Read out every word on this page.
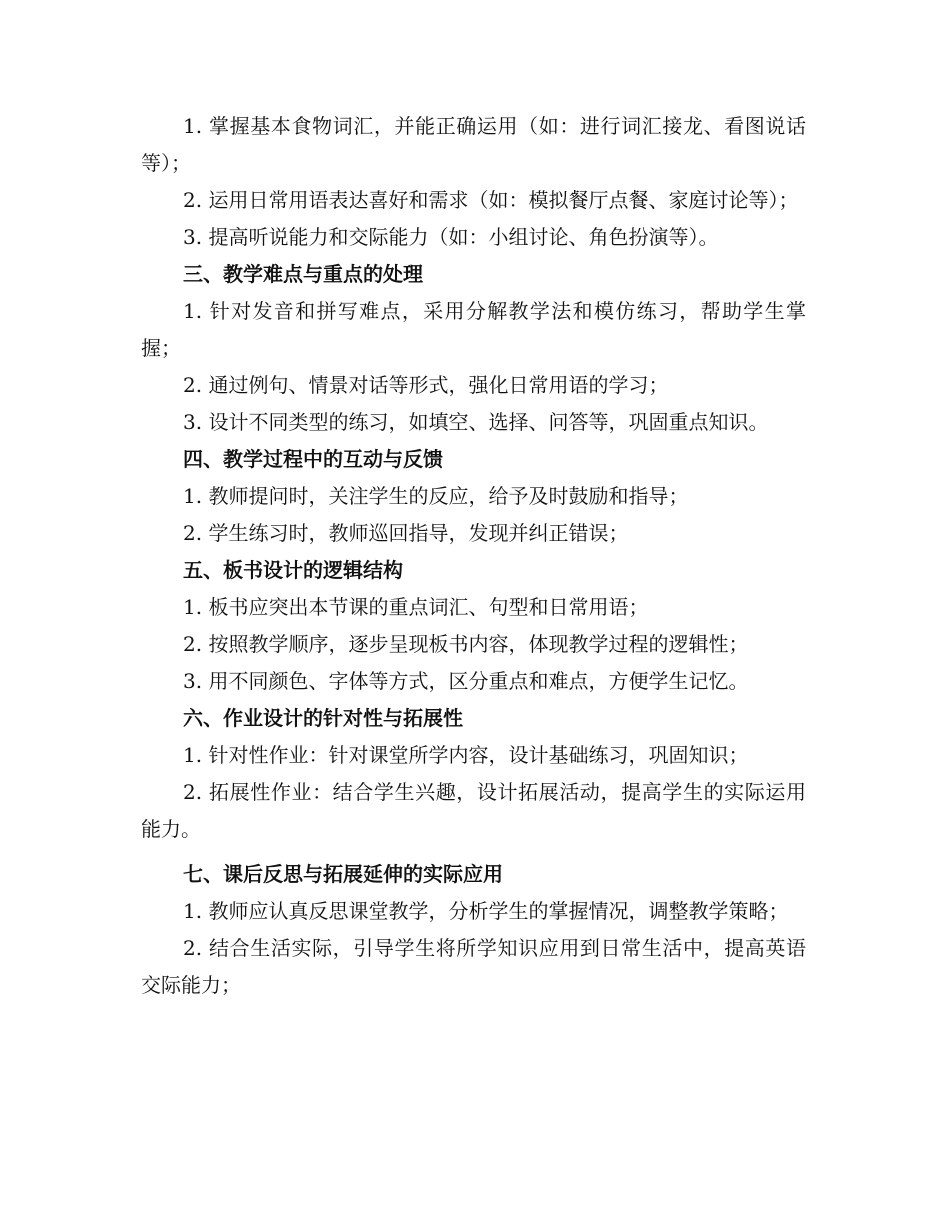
1. 掌握基本食物词汇，并能正确运用（如：进行词汇接龙、看图说话等）；

2. 运用日常用语表达喜好和需求（如：模拟餐厅点餐、家庭讨论等）；

3. 提高听说能力和交际能力（如：小组讨论、角色扮演等）。

三、教学难点与重点的处理

1. 针对发音和拼写难点，采用分解教学法和模仿练习，帮助学生掌握；

2. 通过例句、情景对话等形式，强化日常用语的学习；

3. 设计不同类型的练习，如填空、选择、问答等，巩固重点知识。

四、教学过程中的互动与反馈

1. 教师提问时，关注学生的反应，给予及时鼓励和指导；

2. 学生练习时，教师巡回指导，发现并纠正错误；

五、板书设计的逻辑结构

1. 板书应突出本节课的重点词汇、句型和日常用语；

2. 按照教学顺序，逐步呈现板书内容，体现教学过程的逻辑性；

3. 用不同颜色、字体等方式，区分重点和难点，方便学生记忆。

六、作业设计的针对性与拓展性

1. 针对性作业：针对课堂所学内容，设计基础练习，巩固知识；

2. 拓展性作业：结合学生兴趣，设计拓展活动，提高学生的实际运用能力。

七、课后反思与拓展延伸的实际应用

1. 教师应认真反思课堂教学，分析学生的掌握情况，调整教学策略；

2. 结合生活实际，引导学生将所学知识应用到日常生活中，提高英语交际能力；
